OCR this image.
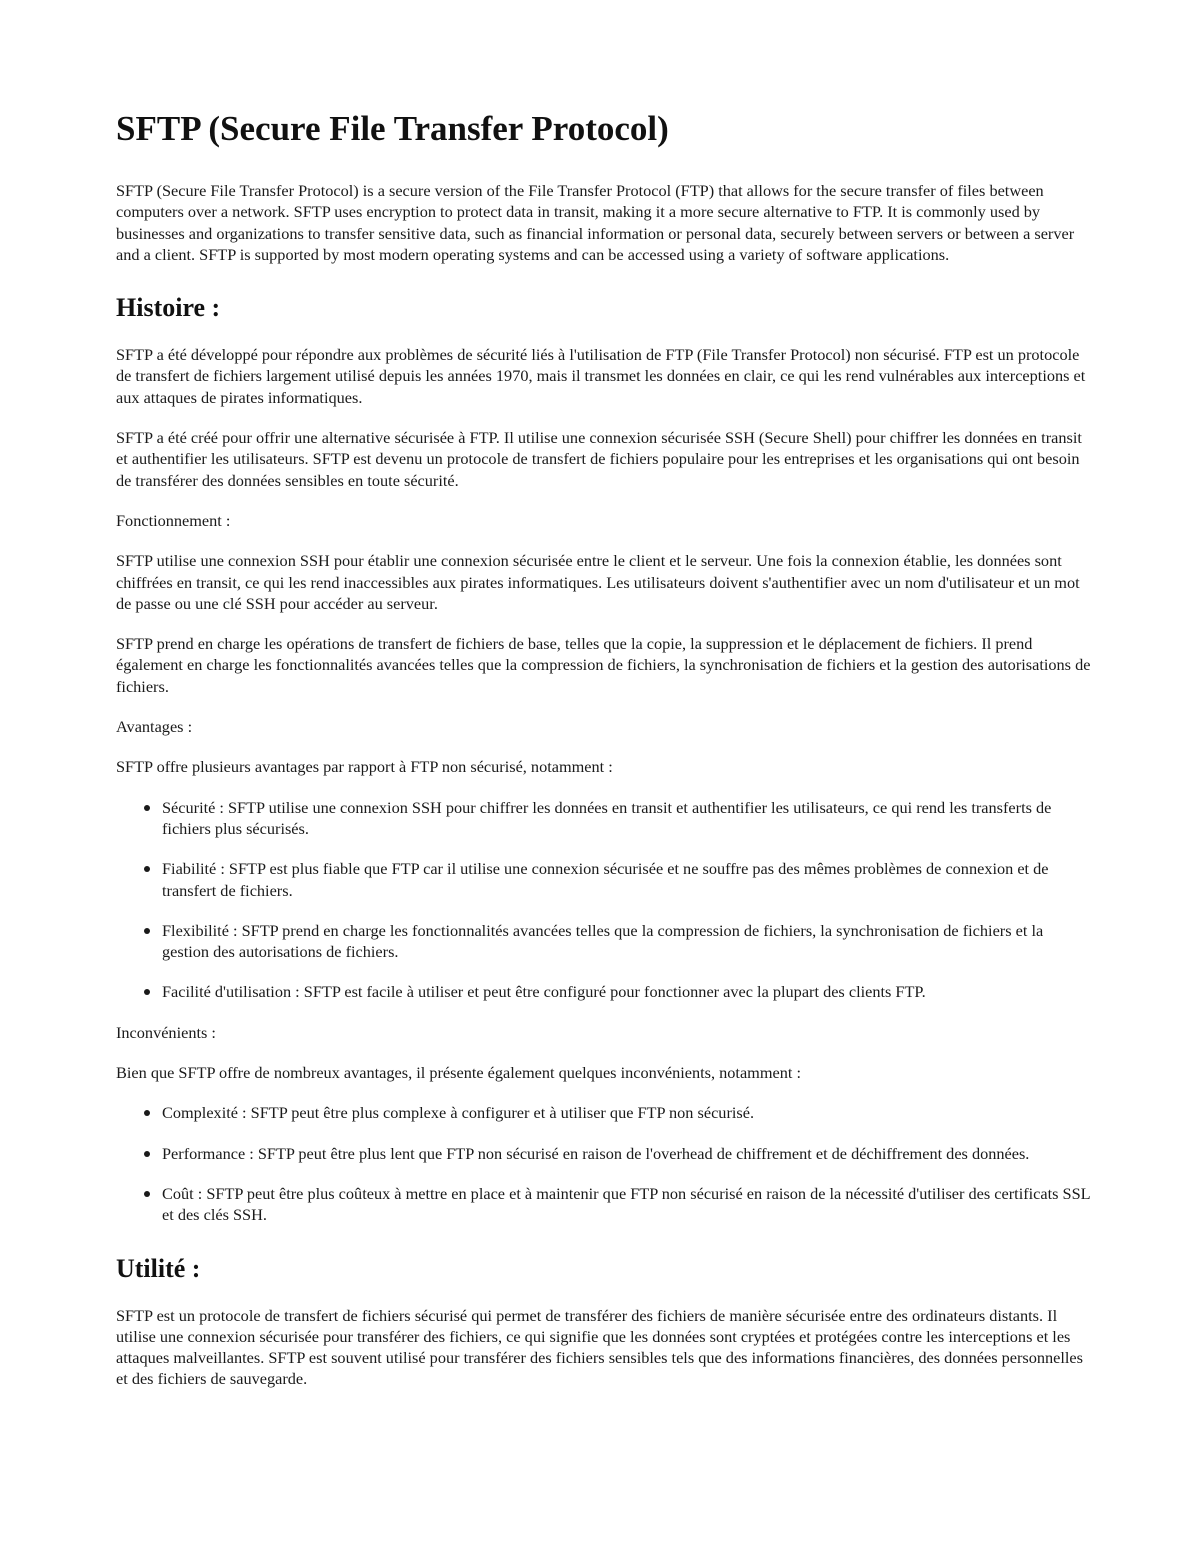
SFTP (Secure File Transfer Protocol)

SFTP (Secure File Transfer Protocol) is a secure version of the File Transfer Protocol (FTP) that allows for the secure transfer of files between computers over a network. SFTP uses encryption to protect data in transit, making it a more secure alternative to FTP. It is commonly used by businesses and organizations to transfer sensitive data, such as financial information or personal data, securely between servers or between a server and a client. SFTP is supported by most modern operating systems and can be accessed using a variety of software applications.

Histoire :

SFTP a été développé pour répondre aux problèmes de sécurité liés à l'utilisation de FTP (File Transfer Protocol) non sécurisé. FTP est un protocole de transfert de fichiers largement utilisé depuis les années 1970, mais il transmet les données en clair, ce qui les rend vulnérables aux interceptions et aux attaques de pirates informatiques.

SFTP a été créé pour offrir une alternative sécurisée à FTP. Il utilise une connexion sécurisée SSH (Secure Shell) pour chiffrer les données en transit et authentifier les utilisateurs. SFTP est devenu un protocole de transfert de fichiers populaire pour les entreprises et les organisations qui ont besoin de transférer des données sensibles en toute sécurité.

Fonctionnement :

SFTP utilise une connexion SSH pour établir une connexion sécurisée entre le client et le serveur. Une fois la connexion établie, les données sont chiffrées en transit, ce qui les rend inaccessibles aux pirates informatiques. Les utilisateurs doivent s'authentifier avec un nom d'utilisateur et un mot de passe ou une clé SSH pour accéder au serveur.

SFTP prend en charge les opérations de transfert de fichiers de base, telles que la copie, la suppression et le déplacement de fichiers. Il prend également en charge les fonctionnalités avancées telles que la compression de fichiers, la synchronisation de fichiers et la gestion des autorisations de fichiers.

Avantages :

SFTP offre plusieurs avantages par rapport à FTP non sécurisé, notamment :

Sécurité : SFTP utilise une connexion SSH pour chiffrer les données en transit et authentifier les utilisateurs, ce qui rend les transferts de fichiers plus sécurisés.
Fiabilité : SFTP est plus fiable que FTP car il utilise une connexion sécurisée et ne souffre pas des mêmes problèmes de connexion et de transfert de fichiers.
Flexibilité : SFTP prend en charge les fonctionnalités avancées telles que la compression de fichiers, la synchronisation de fichiers et la gestion des autorisations de fichiers.
Facilité d'utilisation : SFTP est facile à utiliser et peut être configuré pour fonctionner avec la plupart des clients FTP.

Inconvénients :

Bien que SFTP offre de nombreux avantages, il présente également quelques inconvénients, notamment :

Complexité : SFTP peut être plus complexe à configurer et à utiliser que FTP non sécurisé.
Performance : SFTP peut être plus lent que FTP non sécurisé en raison de l'overhead de chiffrement et de déchiffrement des données.
Coût : SFTP peut être plus coûteux à mettre en place et à maintenir que FTP non sécurisé en raison de la nécessité d'utiliser des certificats SSL et des clés SSH.
Utilité :

SFTP est un protocole de transfert de fichiers sécurisé qui permet de transférer des fichiers de manière sécurisée entre des ordinateurs distants. Il utilise une connexion sécurisée pour transférer des fichiers, ce qui signifie que les données sont cryptées et protégées contre les interceptions et les attaques malveillantes. SFTP est souvent utilisé pour transférer des fichiers sensibles tels que des informations financières, des données personnelles et des fichiers de sauvegarde.
